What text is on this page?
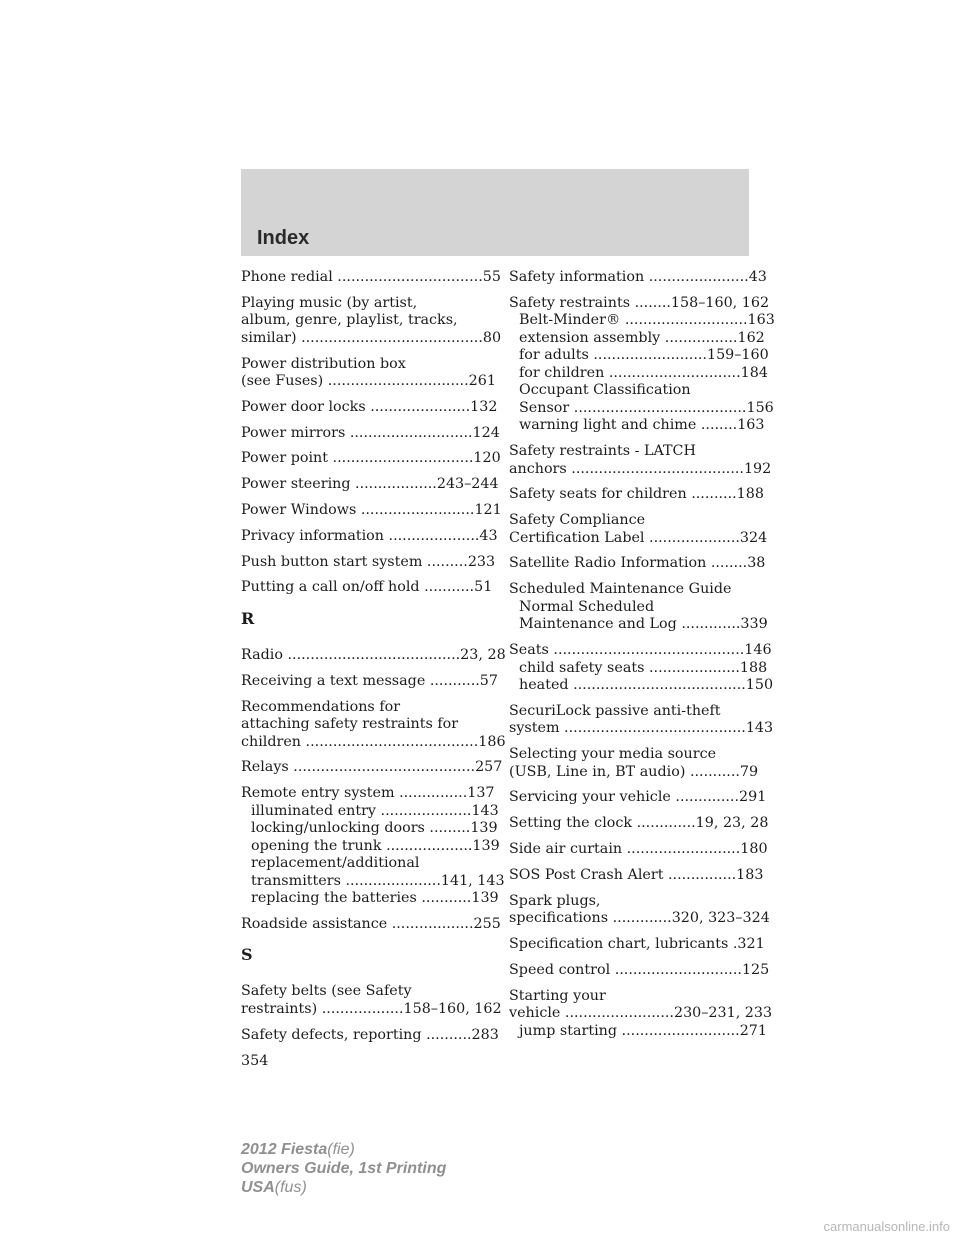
Index
Phone redial ................................55
Playing music (by artist,
album, genre, playlist, tracks,
similar) ........................................80
Power distribution box
(see Fuses) ...............................261
Power door locks ......................132
Power mirrors ...........................124
Power point ...............................120
Power steering ..................243–244
Power Windows .........................121
Privacy information ....................43
Push button start system .........233
Putting a call on/off hold ...........51
R
Radio ......................................23, 28
Receiving a text message ...........57
Recommendations for
attaching safety restraints for
children ......................................186
Relays ........................................257
Remote entry system ...............137
illuminated entry ....................143
locking/unlocking doors .........139
opening the trunk ...................139
replacement/additional
transmitters .....................141, 143
replacing the batteries ...........139
Roadside assistance ..................255
S
Safety belts (see Safety
restraints) ..................158–160, 162
Safety defects, reporting ..........283
Safety information ......................43
Safety restraints ........158–160, 162
Belt-Minder® ...........................163
extension assembly ................162
for adults .........................159–160
for children .............................184
Occupant Classification
Sensor ......................................156
warning light and chime ........163
Safety restraints - LATCH
anchors ......................................192
Safety seats for children ..........188
Safety Compliance
Certification Label ....................324
Satellite Radio Information ........38
Scheduled Maintenance Guide
Normal Scheduled
Maintenance and Log .............339
Seats ..........................................146
child safety seats ....................188
heated ......................................150
SecuriLock passive anti-theft
system ........................................143
Selecting your media source
(USB, Line in, BT audio) ...........79
Servicing your vehicle ..............291
Setting the clock .............19, 23, 28
Side air curtain .........................180
SOS Post Crash Alert ...............183
Spark plugs,
specifications .............320, 323–324
Specification chart, lubricants .321
Speed control ............................125
Starting your
vehicle ........................230–231, 233
jump starting ..........................271
354
2012 Fiesta(fie)
Owners Guide, 1st Printing
USA(fus)
carmanualsonline.info
